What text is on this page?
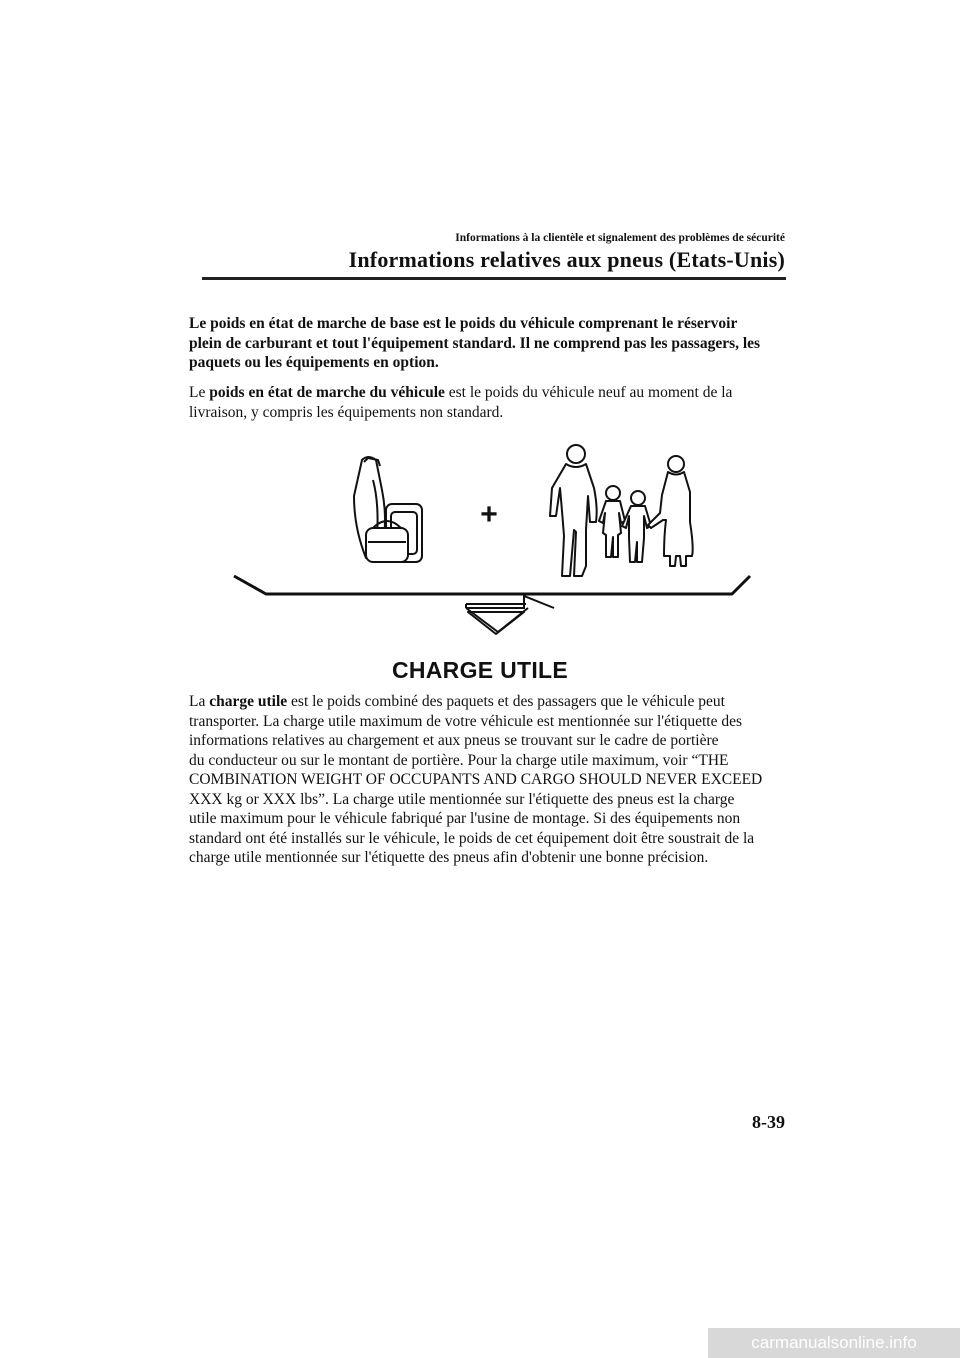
Informations à la clientèle et signalement des problèmes de sécurité
Informations relatives aux pneus (Etats-Unis)

Le poids en état de marche de base est le poids du véhicule comprenant le réservoir
plein de carburant et tout l'équipement standard. Il ne comprend pas les passagers, les
paquets ou les équipements en option.

Le poids en état de marche du véhicule est le poids du véhicule neuf au moment de la
livraison, y compris les équipements non standard.

+
CHARGE UTILE

La charge utile est le poids combiné des paquets et des passagers que le véhicule peut
transporter. La charge utile maximum de votre véhicule est mentionnée sur l'étiquette des
informations relatives au chargement et aux pneus se trouvant sur le cadre de portière
du conducteur ou sur le montant de portière. Pour la charge utile maximum, voir “THE
COMBINATION WEIGHT OF OCCUPANTS AND CARGO SHOULD NEVER EXCEED
XXX kg or XXX lbs”. La charge utile mentionnée sur l'étiquette des pneus est la charge
utile maximum pour le véhicule fabriqué par l'usine de montage. Si des équipements non
standard ont été installés sur le véhicule, le poids de cet équipement doit être soustrait de la
charge utile mentionnée sur l'étiquette des pneus afin d'obtenir une bonne précision.

8-39
carmanualsonline.info
